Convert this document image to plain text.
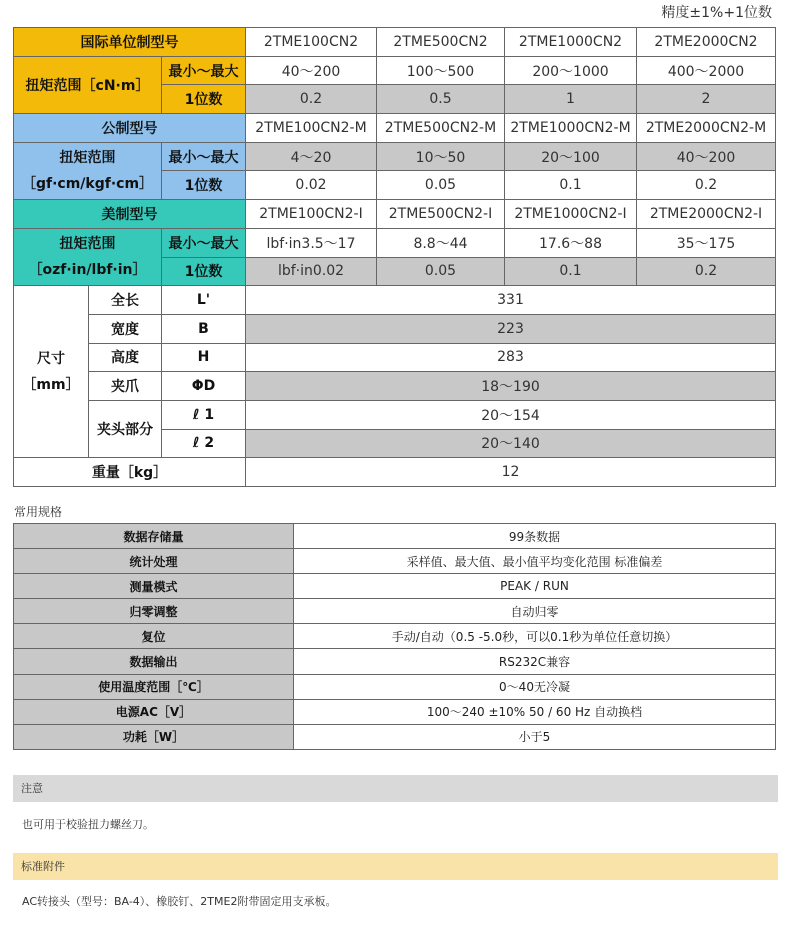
精度±1%+1位数
国际单位制型号			2TME100CN2	2TME500CN2	2TME1000CN2	2TME2000CN2
扭矩范围［cN·m］		最小～最大	40～200	100～500	200～1000	400～2000
		1位数	0.2	0.5	1	2
公制型号			2TME100CN2-M	2TME500CN2-M	2TME1000CN2-M	2TME2000CN2-M

扭矩范围
［gf·cm/kgf·cm］		最小～最大	4～20	10～50	20～100	40～200
		1位数	0.02	0.05	0.1	0.2
美制型号			2TME100CN2-I	2TME500CN2-I	2TME1000CN2-I	2TME2000CN2-I

扭矩范围
［ozf·in/lbf·in］		最小～最大	lbf·in3.5～17	8.8～44	17.6～88	35～175
		1位数	lbf·in0.02	0.05	0.1	0.2

尺寸
［mm］	全长	L'	331			
	宽度	B	223			
	高度	H	283			
	夹爪	ΦD	18～190			
	夹头部分	ℓ 1	20～154			
		ℓ 2	20～140			
重量［kg］			12			
常用规格
数据存储量	99条数据
统计处理	采样值、最大值、最小值平均变化范围 标准偏差
测量模式	PEAK / RUN
归零调整	自动归零
复位	手动/自动（0.5 -5.0秒，可以0.1秒为单位任意切换）
数据输出	RS232C兼容
使用温度范围［℃］	0～40无冷凝
电源AC［V］	100～240 ±10% 50 / 60 Hz 自动换档
功耗［W］	小于5
注意
也可用于校验扭力螺丝刀。
标准附件
AC转接头（型号：BA-4）、橡胶钉、2TME2附带固定用支承板。
